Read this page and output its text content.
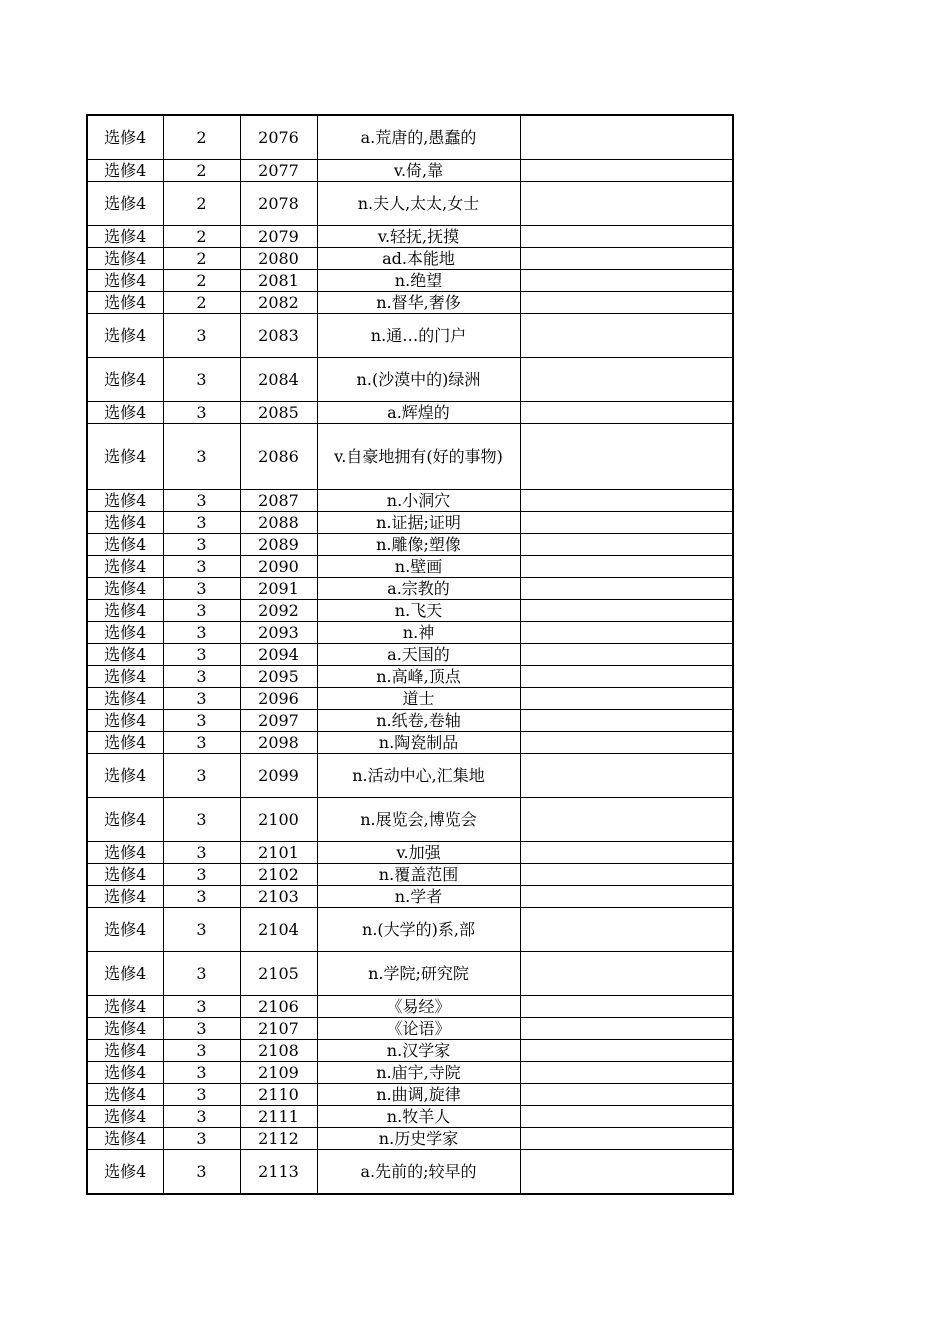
选修4	2	2076	a.荒唐的,愚蠢的	
选修4	2	2077	v.倚,靠	
选修4	2	2078	n.夫人,太太,女士	
选修4	2	2079	v.轻抚,抚摸	
选修4	2	2080	ad.本能地	
选修4	2	2081	n.绝望	
选修4	2	2082	n.督华,奢侈	
选修4	3	2083	n.通…的门户	
选修4	3	2084	n.(沙漠中的)绿洲	
选修4	3	2085	a.辉煌的	
选修4	3	2086	v.自豪地拥有(好的事物)	
选修4	3	2087	n.小洞穴	
选修4	3	2088	n.证据;证明	
选修4	3	2089	n.雕像;塑像	
选修4	3	2090	n.壁画	
选修4	3	2091	a.宗教的	
选修4	3	2092	n.飞天	
选修4	3	2093	n.神	
选修4	3	2094	a.天国的	
选修4	3	2095	n.高峰,顶点	
选修4	3	2096	道士	
选修4	3	2097	n.纸卷,卷轴	
选修4	3	2098	n.陶瓷制品	
选修4	3	2099	n.活动中心,汇集地	
选修4	3	2100	n.展览会,博览会	
选修4	3	2101	v.加强	
选修4	3	2102	n.覆盖范围	
选修4	3	2103	n.学者	
选修4	3	2104	n.(大学的)系,部	
选修4	3	2105	n.学院;研究院	
选修4	3	2106	《易经》	
选修4	3	2107	《论语》	
选修4	3	2108	n.汉学家	
选修4	3	2109	n.庙宇,寺院	
选修4	3	2110	n.曲调,旋律	
选修4	3	2111	n.牧羊人	
选修4	3	2112	n.历史学家	
选修4	3	2113	a.先前的;较早的	
